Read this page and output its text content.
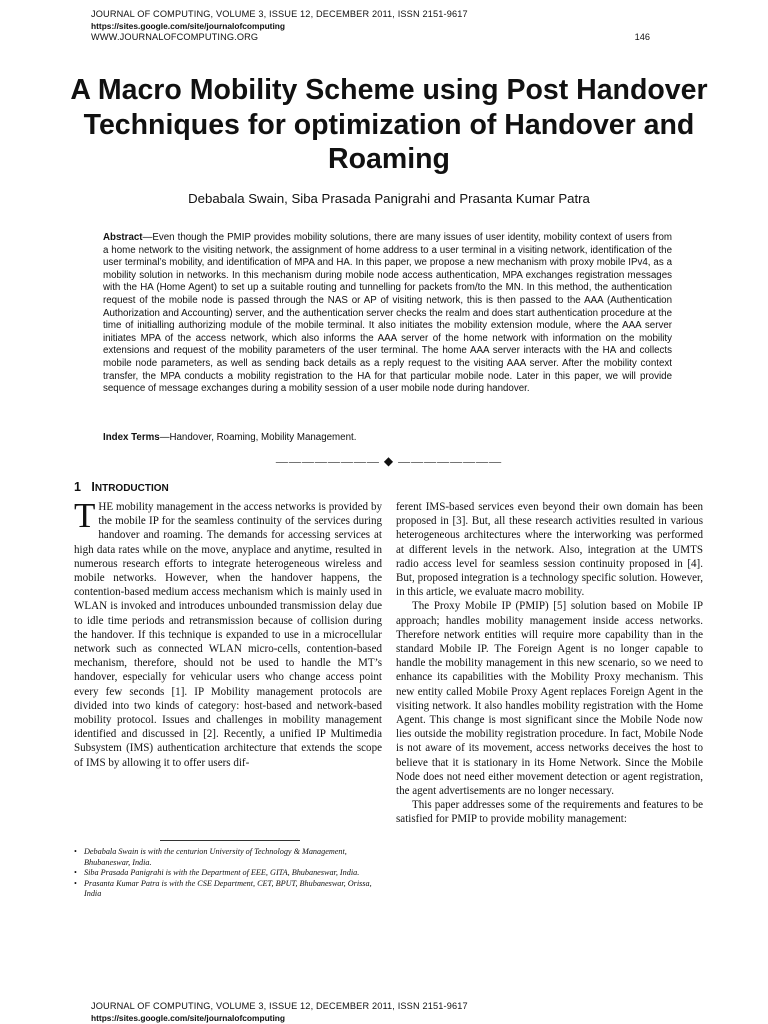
JOURNAL OF COMPUTING, VOLUME 3, ISSUE 12, DECEMBER 2011, ISSN 2151-9617
https://sites.google.com/site/journalofcomputing
WWW.JOURNALOFCOMPUTING.ORG	146
A Macro Mobility Scheme using Post Handover Techniques for optimization of Handover and Roaming
Debabala Swain, Siba Prasada Panigrahi and Prasanta Kumar Patra
Abstract—Even though the PMIP provides mobility solutions, there are many issues of user identity, mobility context of users from a home network to the visiting network, the assignment of home address to a user terminal in a visiting network, identification of the user terminal’s mobility, and identification of MPA and HA. In this paper, we propose a new mechanism with proxy mobile IPv4, as a mobility solution in networks. In this mechanism during mobile node access authentication, MPA exchanges registration messages with the HA (Home Agent) to set up a suitable routing and tunnelling for packets from/to the MN. In this method, the authentication request of the mobile node is passed through the NAS or AP of visiting network, this is then passed to the AAA (Authentication Authorization and Accounting) server, and the authentication server checks the realm and does start authentication procedure at the time of initialling authorizing module of the mobile terminal. It also initiates the mobility extension module, where the AAA server initiates MPA of the access network, which also informs the AAA server of the home network with information on the mobility extensions and request of the mobility parameters of the user terminal. The home AAA server interacts with the HA and collects mobile node parameters, as well as sending back details as a reply request to the visiting AAA server. After the mobility context transfer, the MPA conducts a mobility registration to the HA for that particular mobile node. Later in this paper, we will provide sequence of message exchanges during a mobility session of a user mobile node during handover.
Index Terms—Handover, Roaming, Mobility Management.
———————— ◆ ————————
1 INTRODUCTION

THE mobility management in the access networks is provided by the mobile IP for the seamless continuity of the services during handover and roaming. The demands for accessing services at high data rates while on the move, anyplace and anytime, resulted in numerous research efforts to integrate heterogeneous wireless and mobile networks. However, when the handover happens, the contention-based medium access mechanism which is mainly used in WLAN is invoked and introduces unbounded transmission delay due to idle time periods and retransmission because of collision during the handover. If this technique is expanded to use in a microcellular network such as connected WLAN micro-cells, contention-based mechanism, therefore, should not be used to handle the MT’s handover, especially for vehicular users who change access point every few seconds [1]. IP Mobility management protocols are divided into two kinds of category: host-based and network-based mobility protocol. Issues and challenges in mobility management identified and discussed in [2]. Recently, a unified IP Multimedia Subsystem (IMS) authentication architecture that extends the scope of IMS by allowing it to offer users dif-

ferent IMS-based services even beyond their own domain has been proposed in [3]. But, all these research activities resulted in various heterogeneous architectures where the interworking was performed at different levels in the network. Also, integration at the UMTS radio access level for seamless session continuity proposed in [4]. But, proposed integration is a technology specific solution. However, in this article, we evaluate macro mobility.

The Proxy Mobile IP (PMIP) [5] solution based on Mobile IP approach; handles mobility management inside access networks. Therefore network entities will require more capability than in the standard Mobile IP. The Foreign Agent is no longer capable to handle the mobility management in this new scenario, so we need to enhance its capabilities with the Mobility Proxy mechanism. This new entity called Mobile Proxy Agent replaces Foreign Agent in the visiting network. It also handles mobility registration with the Home Agent. This change is most significant since the Mobile Node now lies outside the mobility registration procedure. In fact, Mobile Node is not aware of its movement, access networks deceives the host to believe that it is stationary in its Home Network. Since the Mobile Node does not need either movement detection or agent registration, the agent advertisements are no longer necessary.

This paper addresses some of the requirements and features to be satisfied for PMIP to provide mobility management:

• Debabala Swain is with the centurion University of Technology & Management, Bhubaneswar, India.
• Siba Prasada Panigrahi is with the Department of EEE, GITA, Bhubaneswar, India.
• Prasanta Kumar Patra is with the CSE Department, CET, BPUT, Bhubaneswar, Orissa, India
JOURNAL OF COMPUTING, VOLUME 3, ISSUE 12, DECEMBER 2011, ISSN 2151-9617
https://sites.google.com/site/journalofcomputing
